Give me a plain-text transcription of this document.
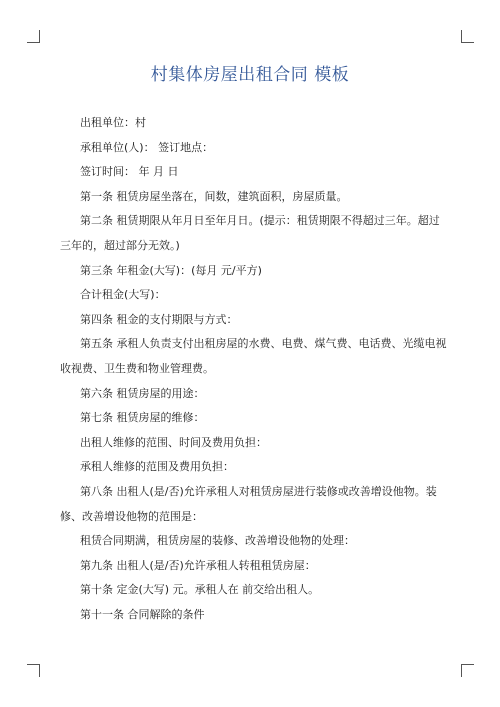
村集体房屋出租合同 模板

出租单位：村

承租单位(人)： 签订地点：

签订时间： 年 月 日

第一条 租赁房屋坐落在，间数，建筑面积，房屋质量。

第二条 租赁期限从年月日至年月日。(提示：租赁期限不得超过三年。超过三年的，超过部分无效。)

第三条 年租金(大写)：(每月 元/平方)

合计租金(大写)：

第四条 租金的支付期限与方式：

第五条 承租人负责支付出租房屋的水费、电费、煤气费、电话费、光缆电视收视费、卫生费和物业管理费。

第六条 租赁房屋的用途：

第七条 租赁房屋的维修：

出租人维修的范围、时间及费用负担：

承租人维修的范围及费用负担：

第八条 出租人(是/否)允许承租人对租赁房屋进行装修或改善增设他物。装修、改善增设他物的范围是：

租赁合同期满，租赁房屋的装修、改善增设他物的处理：

第九条 出租人(是/否)允许承租人转租租赁房屋：

第十条 定金(大写) 元。承租人在 前交给出租人。

第十一条 合同解除的条件
